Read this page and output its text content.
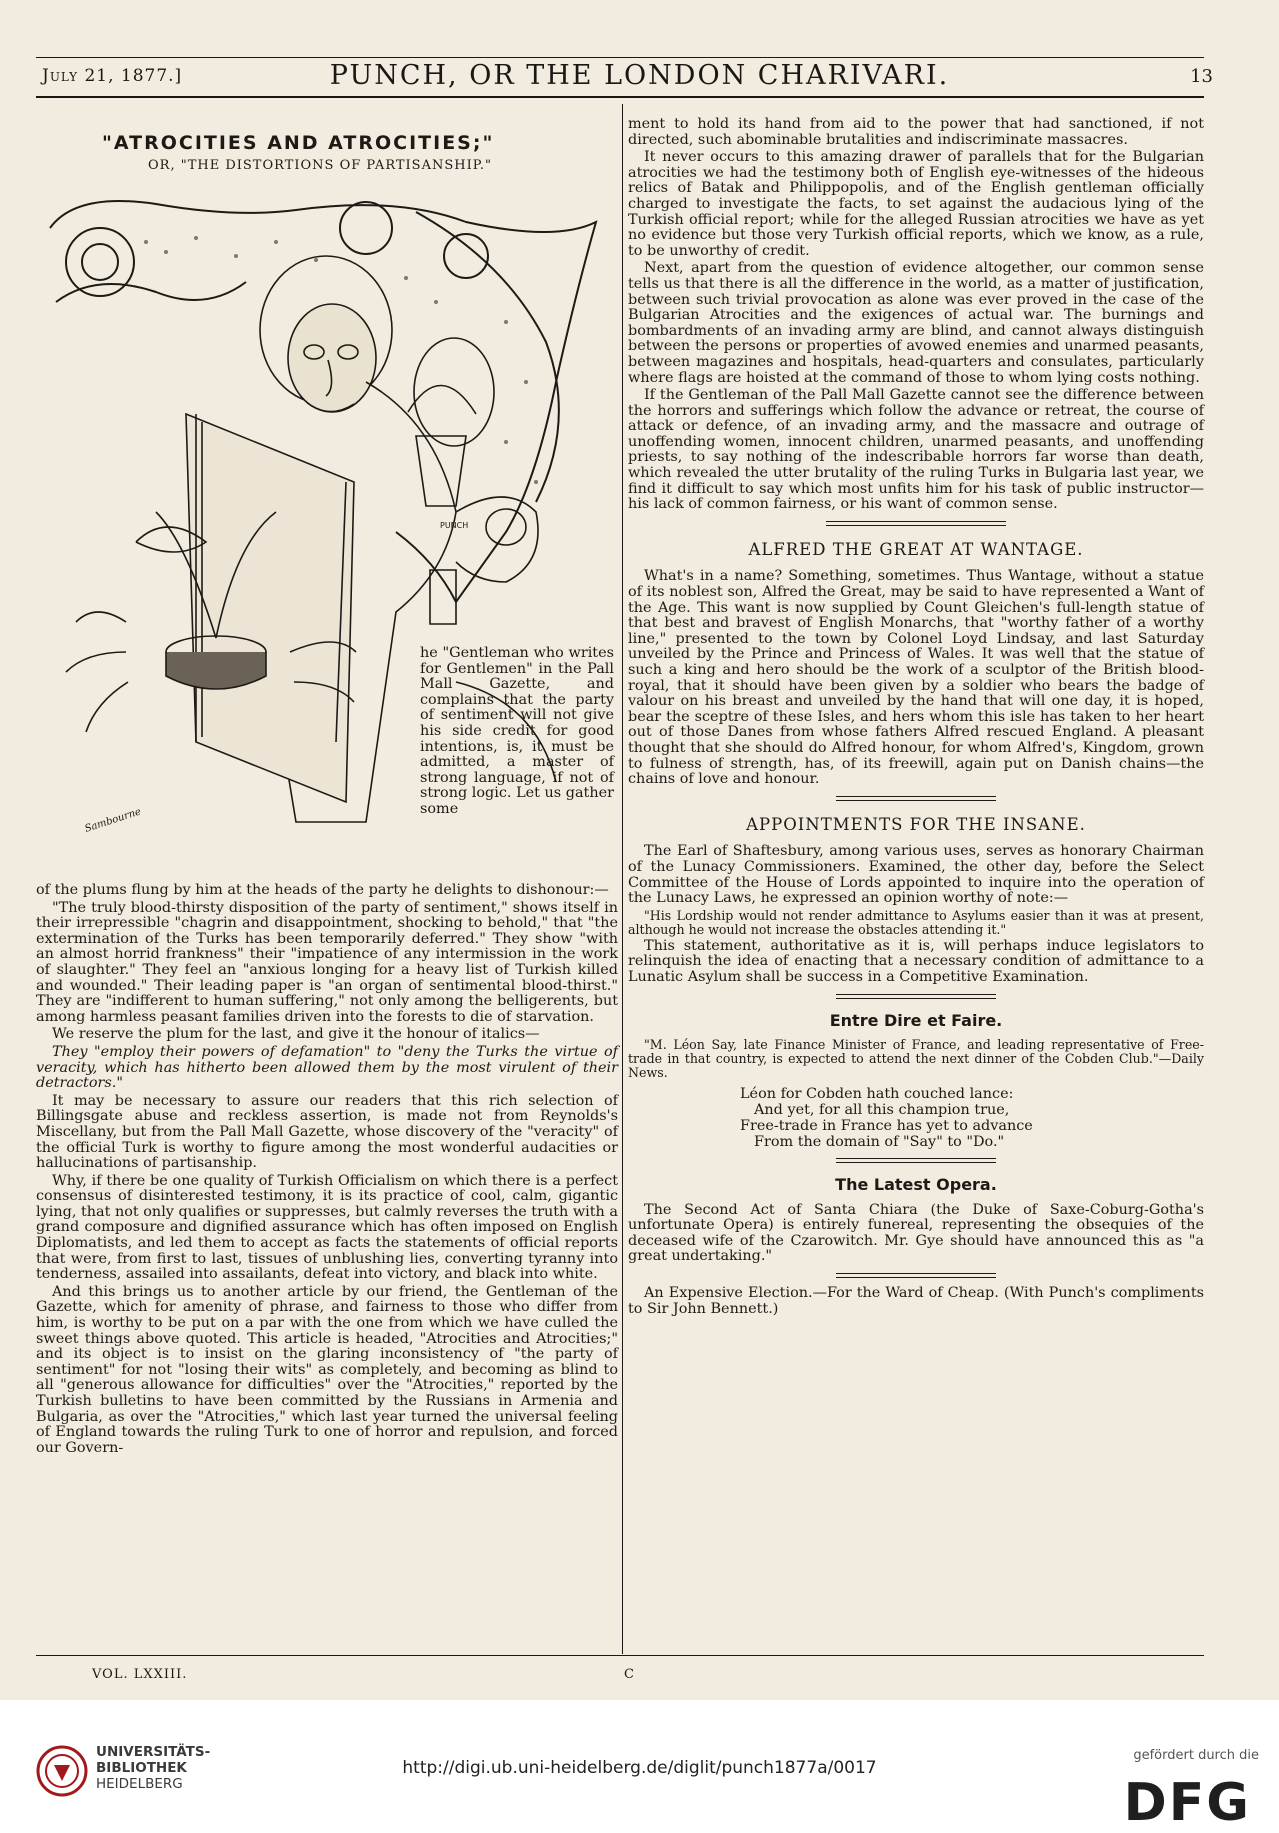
July 21, 1877.]	PUNCH, OR THE LONDON CHARIVARI.	13
"ATROCITIES AND ATROCITIES;"
OR, "THE DISTORTIONS OF PARTISANSHIP."
PUNCH
Sambourne
he "Gentleman who writes for Gentlemen" in the Pall Mall Gazette, and complains that the party of sentiment will not give his side credit for good intentions, is, it must be admitted, a master of strong language, if not of strong logic. Let us gather some

of the plums flung by him at the heads of the party he delights to dishonour:—

"The truly blood-thirsty disposition of the party of sentiment," shows itself in their irrepressible "chagrin and disappointment, shocking to behold," that "the extermination of the Turks has been temporarily deferred." They show "with an almost horrid frankness" their "impatience of any intermission in the work of slaughter." They feel an "anxious longing for a heavy list of Turkish killed and wounded." Their leading paper is "an organ of sentimental blood-thirst." They are "indifferent to human suffering," not only among the belligerents, but among harmless peasant families driven into the forests to die of starvation.

We reserve the plum for the last, and give it the honour of italics—

They "employ their powers of defamation" to "deny the Turks the virtue of veracity, which has hitherto been allowed them by the most virulent of their detractors."

It may be necessary to assure our readers that this rich selection of Billingsgate abuse and reckless assertion, is made not from Reynolds's Miscellany, but from the Pall Mall Gazette, whose discovery of the "veracity" of the official Turk is worthy to figure among the most wonderful audacities or hallucinations of partisanship.

Why, if there be one quality of Turkish Officialism on which there is a perfect consensus of disinterested testimony, it is its practice of cool, calm, gigantic lying, that not only qualifies or suppresses, but calmly reverses the truth with a grand composure and dignified assurance which has often imposed on English Diplomatists, and led them to accept as facts the statements of official reports that were, from first to last, tissues of unblushing lies, converting tyranny into tenderness, assailed into assailants, defeat into victory, and black into white.

And this brings us to another article by our friend, the Gentleman of the Gazette, which for amenity of phrase, and fairness to those who differ from him, is worthy to be put on a par with the one from which we have culled the sweet things above quoted. This article is headed, "Atrocities and Atrocities;" and its object is to insist on the glaring inconsistency of "the party of sentiment" for not "losing their wits" as completely, and becoming as blind to all "generous allowance for difficulties" over the "Atrocities," reported by the Turkish bulletins to have been committed by the Russians in Armenia and Bulgaria, as over the "Atrocities," which last year turned the universal feeling of England towards the ruling Turk to one of horror and repulsion, and forced our Govern-

ment to hold its hand from aid to the power that had sanctioned, if not directed, such abominable brutalities and indiscriminate massacres.

It never occurs to this amazing drawer of parallels that for the Bulgarian atrocities we had the testimony both of English eye-witnesses of the hideous relics of Batak and Philippopolis, and of the English gentleman officially charged to investigate the facts, to set against the audacious lying of the Turkish official report; while for the alleged Russian atrocities we have as yet no evidence but those very Turkish official reports, which we know, as a rule, to be unworthy of credit.

Next, apart from the question of evidence altogether, our common sense tells us that there is all the difference in the world, as a matter of justification, between such trivial provocation as alone was ever proved in the case of the Bulgarian Atrocities and the exigences of actual war. The burnings and bombardments of an invading army are blind, and cannot always distinguish between the persons or properties of avowed enemies and unarmed peasants, between magazines and hospitals, head-quarters and consulates, particularly where flags are hoisted at the command of those to whom lying costs nothing.

If the Gentleman of the Pall Mall Gazette cannot see the difference between the horrors and sufferings which follow the advance or retreat, the course of attack or defence, of an invading army, and the massacre and outrage of unoffending women, innocent children, unarmed peasants, and unoffending priests, to say nothing of the indescribable horrors far worse than death, which revealed the utter brutality of the ruling Turks in Bulgaria last year, we find it difficult to say which most unfits him for his task of public instructor—his lack of common fairness, or his want of common sense.

ALFRED THE GREAT AT WANTAGE.

What's in a name? Something, sometimes. Thus Wantage, without a statue of its noblest son, Alfred the Great, may be said to have represented a Want of the Age. This want is now supplied by Count Gleichen's full-length statue of that best and bravest of English Monarchs, that "worthy father of a worthy line," presented to the town by Colonel Loyd Lindsay, and last Saturday unveiled by the Prince and Princess of Wales. It was well that the statue of such a king and hero should be the work of a sculptor of the British blood-royal, that it should have been given by a soldier who bears the badge of valour on his breast and unveiled by the hand that will one day, it is hoped, bear the sceptre of these Isles, and hers whom this isle has taken to her heart out of those Danes from whose fathers Alfred rescued England. A pleasant thought that she should do Alfred honour, for whom Alfred's, Kingdom, grown to fulness of strength, has, of its freewill, again put on Danish chains—the chains of love and honour.

APPOINTMENTS FOR THE INSANE.

The Earl of Shaftesbury, among various uses, serves as honorary Chairman of the Lunacy Commissioners. Examined, the other day, before the Select Committee of the House of Lords appointed to inquire into the operation of the Lunacy Laws, he expressed an opinion worthy of note:—

"His Lordship would not render admittance to Asylums easier than it was at present, although he would not increase the obstacles attending it."

This statement, authoritative as it is, will perhaps induce legislators to relinquish the idea of enacting that a necessary condition of admittance to a Lunatic Asylum shall be success in a Competitive Examination.

Entre Dire et Faire.

"M. Léon Say, late Finance Minister of France, and leading representative of Free-trade in that country, is expected to attend the next dinner of the Cobden Club."—Daily News.

Léon for Cobden hath couched lance:
And yet, for all this champion true,
Free-trade in France has yet to advance
From the domain of "Say" to "Do."
The Latest Opera.

The Second Act of Santa Chiara (the Duke of Saxe-Coburg-Gotha's unfortunate Opera) is entirely funereal, representing the obsequies of the deceased wife of the Czarowitch. Mr. Gye should have announced this as "a great undertaking."

An Expensive Election.—For the Ward of Cheap. (With Punch's compliments to Sir John Bennett.)

VOL. LXXIII.	C
UNIVERSITÄTS-
BIBLIOTHEK
HEIDELBERG
http://digi.ub.uni-heidelberg.de/diglit/punch1877a/0017
gefördert durch die
DFG
